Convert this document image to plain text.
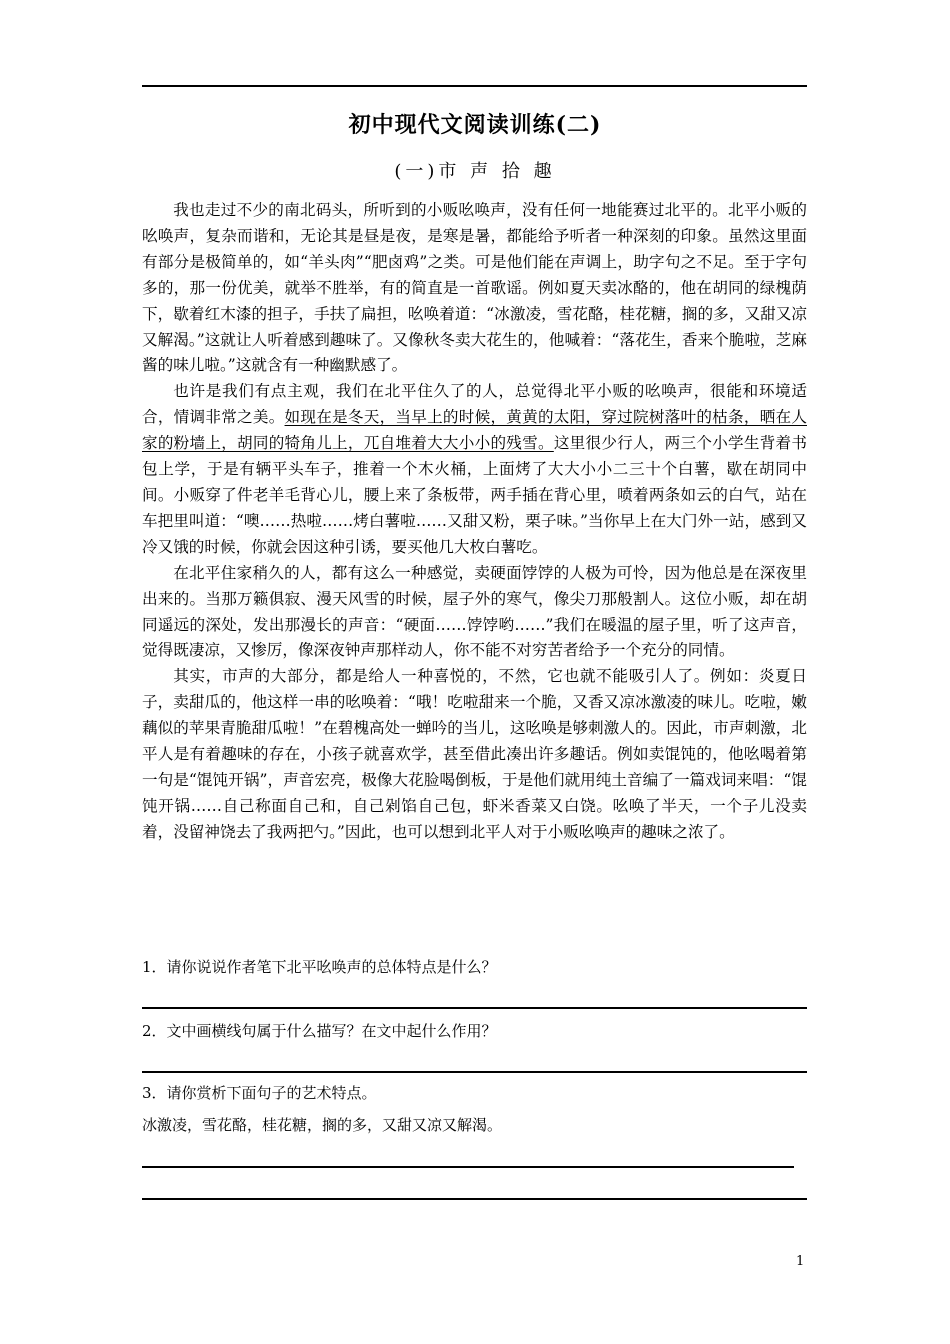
初中现代文阅读训练(二)
(一)市 声 拾 趣

我也走过不少的南北码头，所听到的小贩吆唤声，没有任何一地能赛过北平的。北平小贩的吆唤声，复杂而谐和，无论其是昼是夜，是寒是暑，都能给予听者一种深刻的印象。虽然这里面有部分是极简单的，如“羊头肉”“肥卤鸡”之类。可是他们能在声调上，助字句之不足。至于字句多的，那一份优美，就举不胜举，有的简直是一首歌谣。例如夏天卖冰酪的，他在胡同的绿槐荫下，歇着红木漆的担子，手扶了扁担，吆唤着道：“冰激凌，雪花酪，桂花糖，搁的多，又甜又凉又解渴。”这就让人听着感到趣味了。又像秋冬卖大花生的，他喊着：“落花生，香来个脆啦，芝麻酱的味儿啦。”这就含有一种幽默感了。

也许是我们有点主观，我们在北平住久了的人，总觉得北平小贩的吆唤声，很能和环境适合，情调非常之美。如现在是冬天，当早上的时候，黄黄的太阳，穿过院树落叶的枯条，晒在人家的粉墙上，胡同的犄角儿上，兀自堆着大大小小的残雪。这里很少行人，两三个小学生背着书包上学，于是有辆平头车子，推着一个木火桶，上面烤了大大小小二三十个白薯，歇在胡同中间。小贩穿了件老羊毛背心儿，腰上来了条板带，两手插在背心里，喷着两条如云的白气，站在车把里叫道：“噢……热啦……烤白薯啦……又甜又粉，栗子味。”当你早上在大门外一站，感到又冷又饿的时候，你就会因这种引诱，要买他几大枚白薯吃。

在北平住家稍久的人，都有这么一种感觉，卖硬面饽饽的人极为可怜，因为他总是在深夜里出来的。当那万籁俱寂、漫天风雪的时候，屋子外的寒气，像尖刀那般割人。这位小贩，却在胡同遥远的深处，发出那漫长的声音：“硬面……饽饽哟……”我们在暖温的屋子里，听了这声音，觉得既凄凉，又惨厉，像深夜钟声那样动人，你不能不对穷苦者给予一个充分的同情。

其实，市声的大部分，都是给人一种喜悦的，不然，它也就不能吸引人了。例如：炎夏日子，卖甜瓜的，他这样一串的吆唤着：“哦！吃啦甜来一个脆，又香又凉冰激凌的味儿。吃啦，嫩藕似的苹果青脆甜瓜啦！”在碧槐高处一蝉吟的当儿，这吆唤是够刺激人的。因此，市声刺激，北平人是有着趣味的存在，小孩子就喜欢学，甚至借此凑出许多趣话。例如卖馄饨的，他吆喝着第一句是“馄饨开锅”，声音宏亮，极像大花脸喝倒板，于是他们就用纯土音编了一篇戏词来唱：“馄饨开锅……自己称面自己和，自己剁馅自己包，虾米香菜又白饶。吆唤了半天，一个子儿没卖着，没留神饶去了我两把勺。”因此，也可以想到北平人对于小贩吆唤声的趣味之浓了。

1．请你说说作者笔下北平吆唤声的总体特点是什么？
2．文中画横线句属于什么描写？在文中起什么作用？
3．请你赏析下面句子的艺术特点。
冰激凌，雪花酪，桂花糖，搁的多，又甜又凉又解渴。
1
